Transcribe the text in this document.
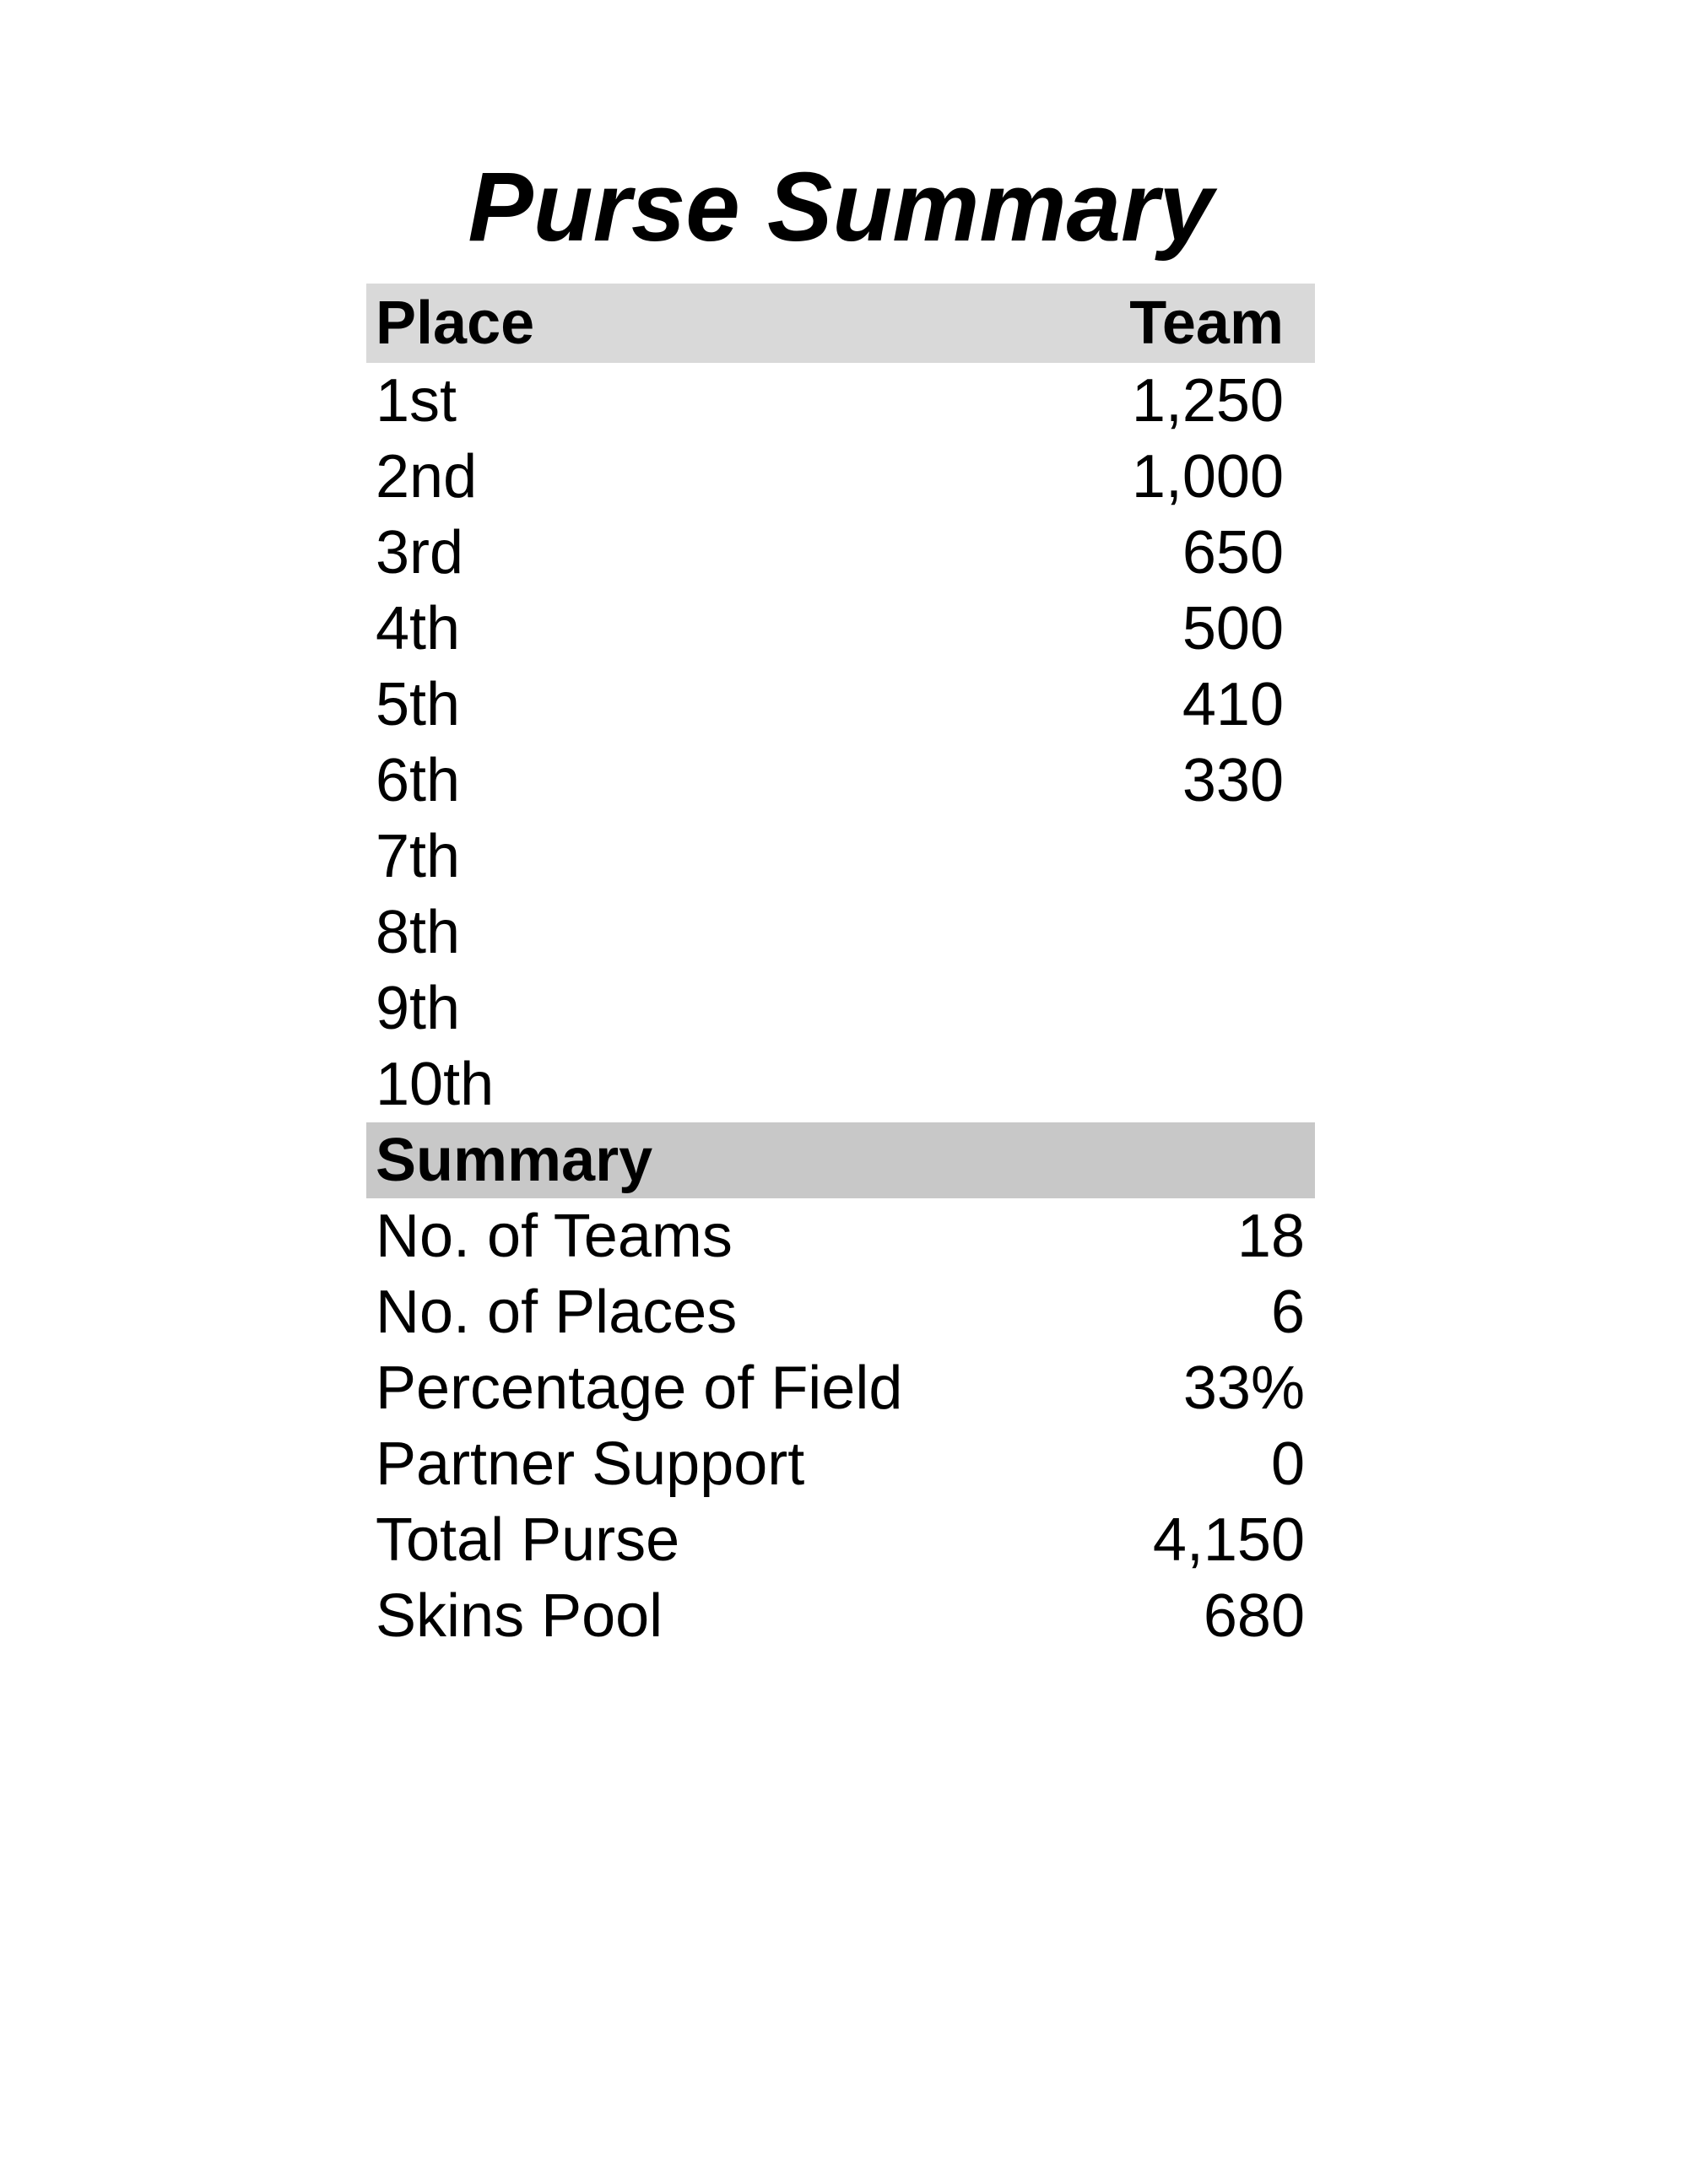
Purse Summary
Place	Team
1st	1,250
2nd	1,000
3rd	650
4th	500
5th	410
6th	330
7th
8th
9th
10th
Summary
No. of Teams	18
No. of Places	6
Percentage of Field	33%
Partner Support	0
Total Purse	4,150
Skins Pool	680
